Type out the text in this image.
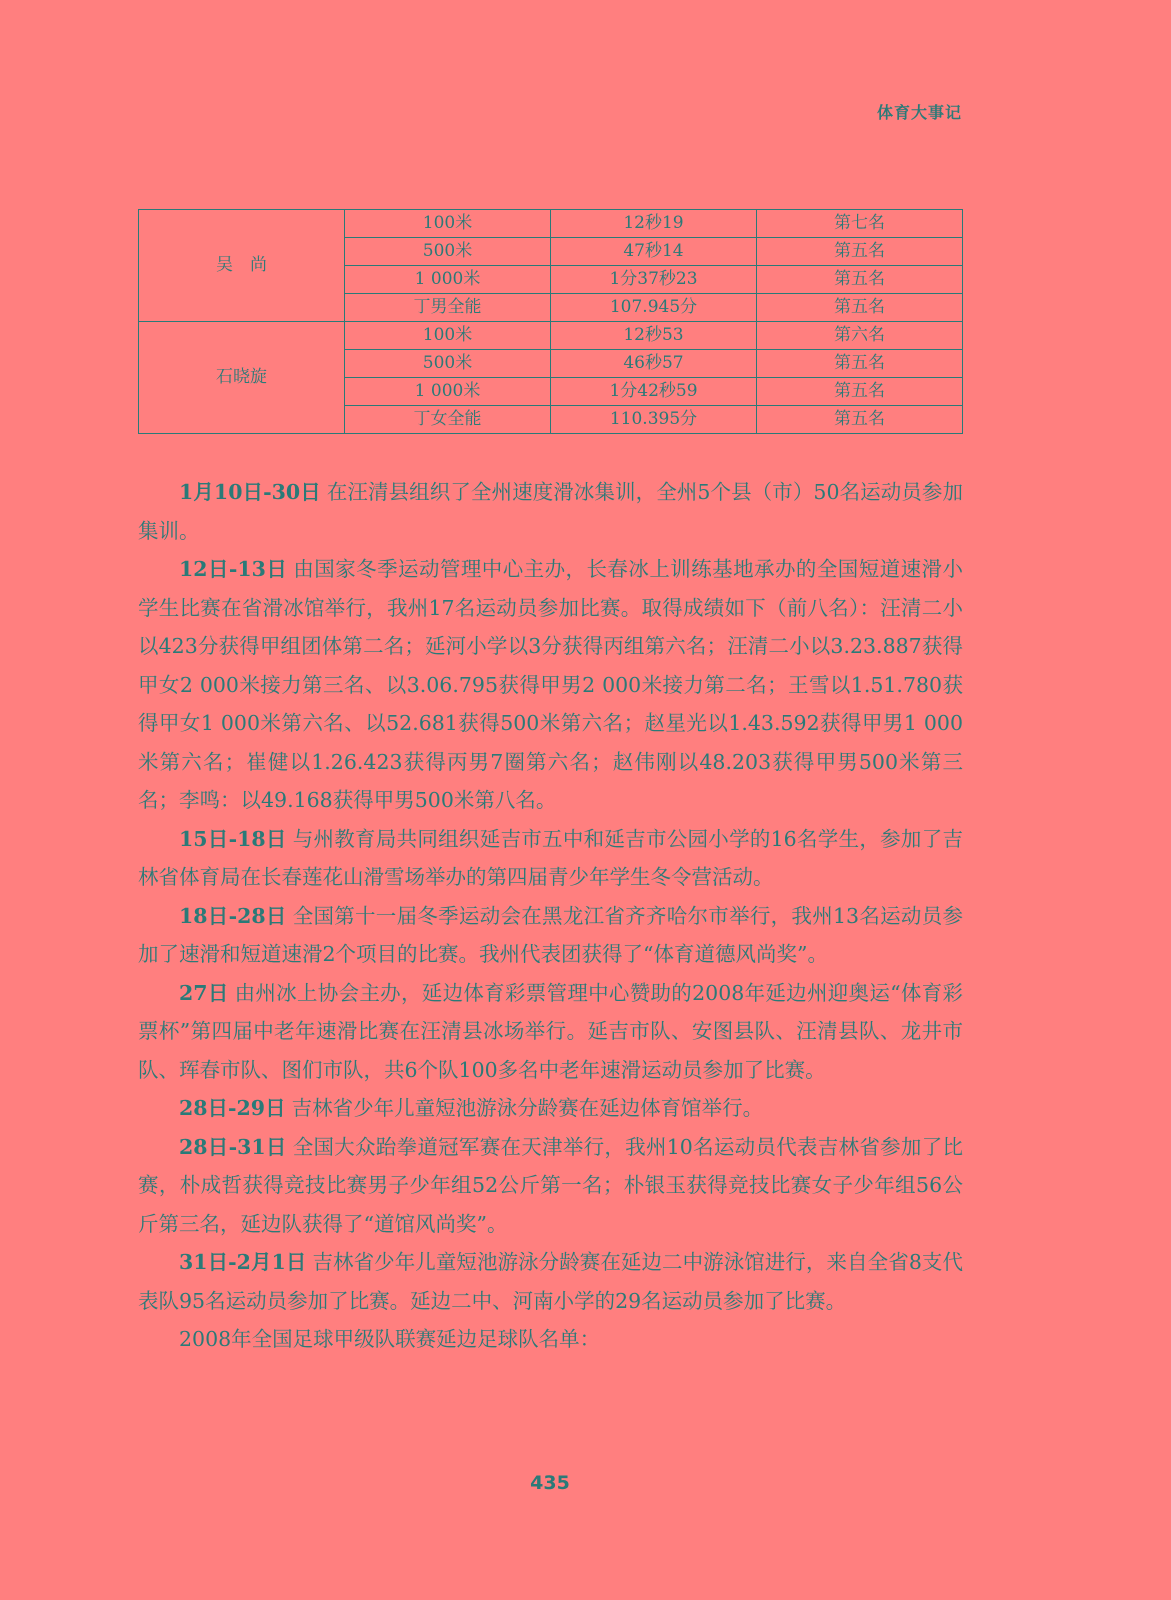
体育大事记
吴　尚	100米	12秒19	第七名
	500米	47秒14	第五名
	1 000米	1分37秒23	第五名
	丁男全能	107.945分	第五名
石晓旋	100米	12秒53	第六名
	500米	46秒57	第五名
	1 000米	1分42秒59	第五名
	丁女全能	110.395分	第五名

1月10日-30日 在汪清县组织了全州速度滑冰集训，全州5个县（市）50名运动员参加集训。

12日-13日 由国家冬季运动管理中心主办，长春冰上训练基地承办的全国短道速滑小学生比赛在省滑冰馆举行，我州17名运动员参加比赛。取得成绩如下（前八名）：汪清二小以423分获得甲组团体第二名；延河小学以3分获得丙组第六名；汪清二小以3.23.887获得甲女2 000米接力第三名、以3.06.795获得甲男2 000米接力第二名；王雪以1.51.780获得甲女1 000米第六名、以52.681获得500米第六名；赵星光以1.43.592获得甲男1 000米第六名；崔健以1.26.423获得丙男7圈第六名；赵伟刚以48.203获得甲男500米第三名；李鸣：以49.168获得甲男500米第八名。

15日-18日 与州教育局共同组织延吉市五中和延吉市公园小学的16名学生，参加了吉林省体育局在长春莲花山滑雪场举办的第四届青少年学生冬令营活动。

18日-28日 全国第十一届冬季运动会在黑龙江省齐齐哈尔市举行，我州13名运动员参加了速滑和短道速滑2个项目的比赛。我州代表团获得了“体育道德风尚奖”。

27日 由州冰上协会主办，延边体育彩票管理中心赞助的2008年延边州迎奥运“体育彩票杯”第四届中老年速滑比赛在汪清县冰场举行。延吉市队、安图县队、汪清县队、龙井市队、珲春市队、图们市队，共6个队100多名中老年速滑运动员参加了比赛。

28日-29日 吉林省少年儿童短池游泳分龄赛在延边体育馆举行。

28日-31日 全国大众跆拳道冠军赛在天津举行，我州10名运动员代表吉林省参加了比赛，朴成哲获得竞技比赛男子少年组52公斤第一名；朴银玉获得竞技比赛女子少年组56公斤第三名，延边队获得了“道馆风尚奖”。

31日-2月1日 吉林省少年儿童短池游泳分龄赛在延边二中游泳馆进行，来自全省8支代表队95名运动员参加了比赛。延边二中、河南小学的29名运动员参加了比赛。

2008年全国足球甲级队联赛延边足球队名单：

435
